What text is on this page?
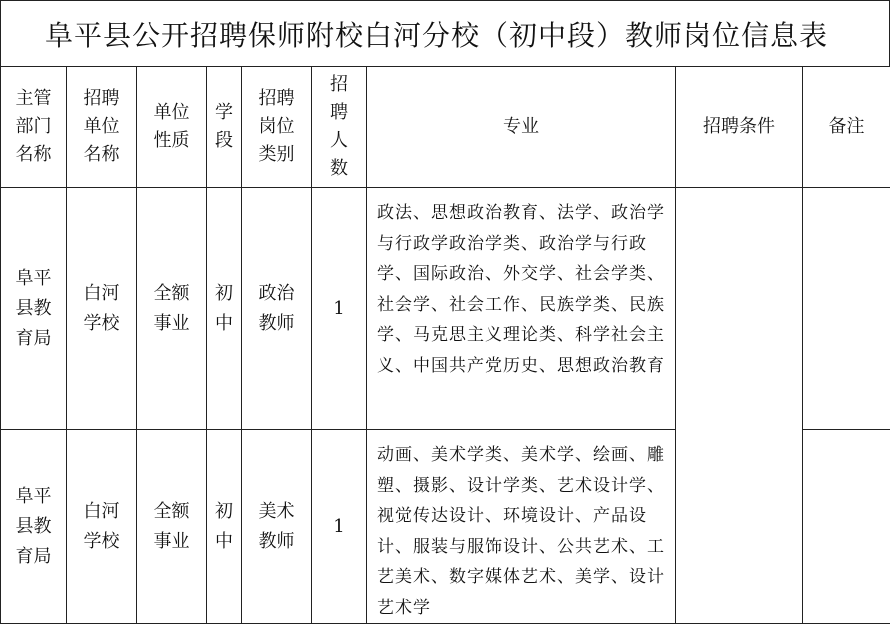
阜平县公开招聘保师附校白河分校（初中段）教师岗位信息表
主管部门名称	招聘单位名称	单位性质	学段	招聘岗位类别	招聘人数	专业	招聘条件	备注
阜平县教育局	白河学校	全额事业	初中	政治教师	1	政法、思想政治教育、法学、政治学与行政学政治学类、政治学与行政学、国际政治、外交学、社会学类、社会学、社会工作、民族学类、民族学、马克思主义理论类、科学社会主义、中国共产党历史、思想政治教育		
阜平县教育局	白河学校	全额事业	初中	美术教师	1	动画、美术学类、美术学、绘画、雕塑、摄影、设计学类、艺术设计学、视觉传达设计、环境设计、产品设计、服装与服饰设计、公共艺术、工艺美术、数字媒体艺术、美学、设计艺术学		
